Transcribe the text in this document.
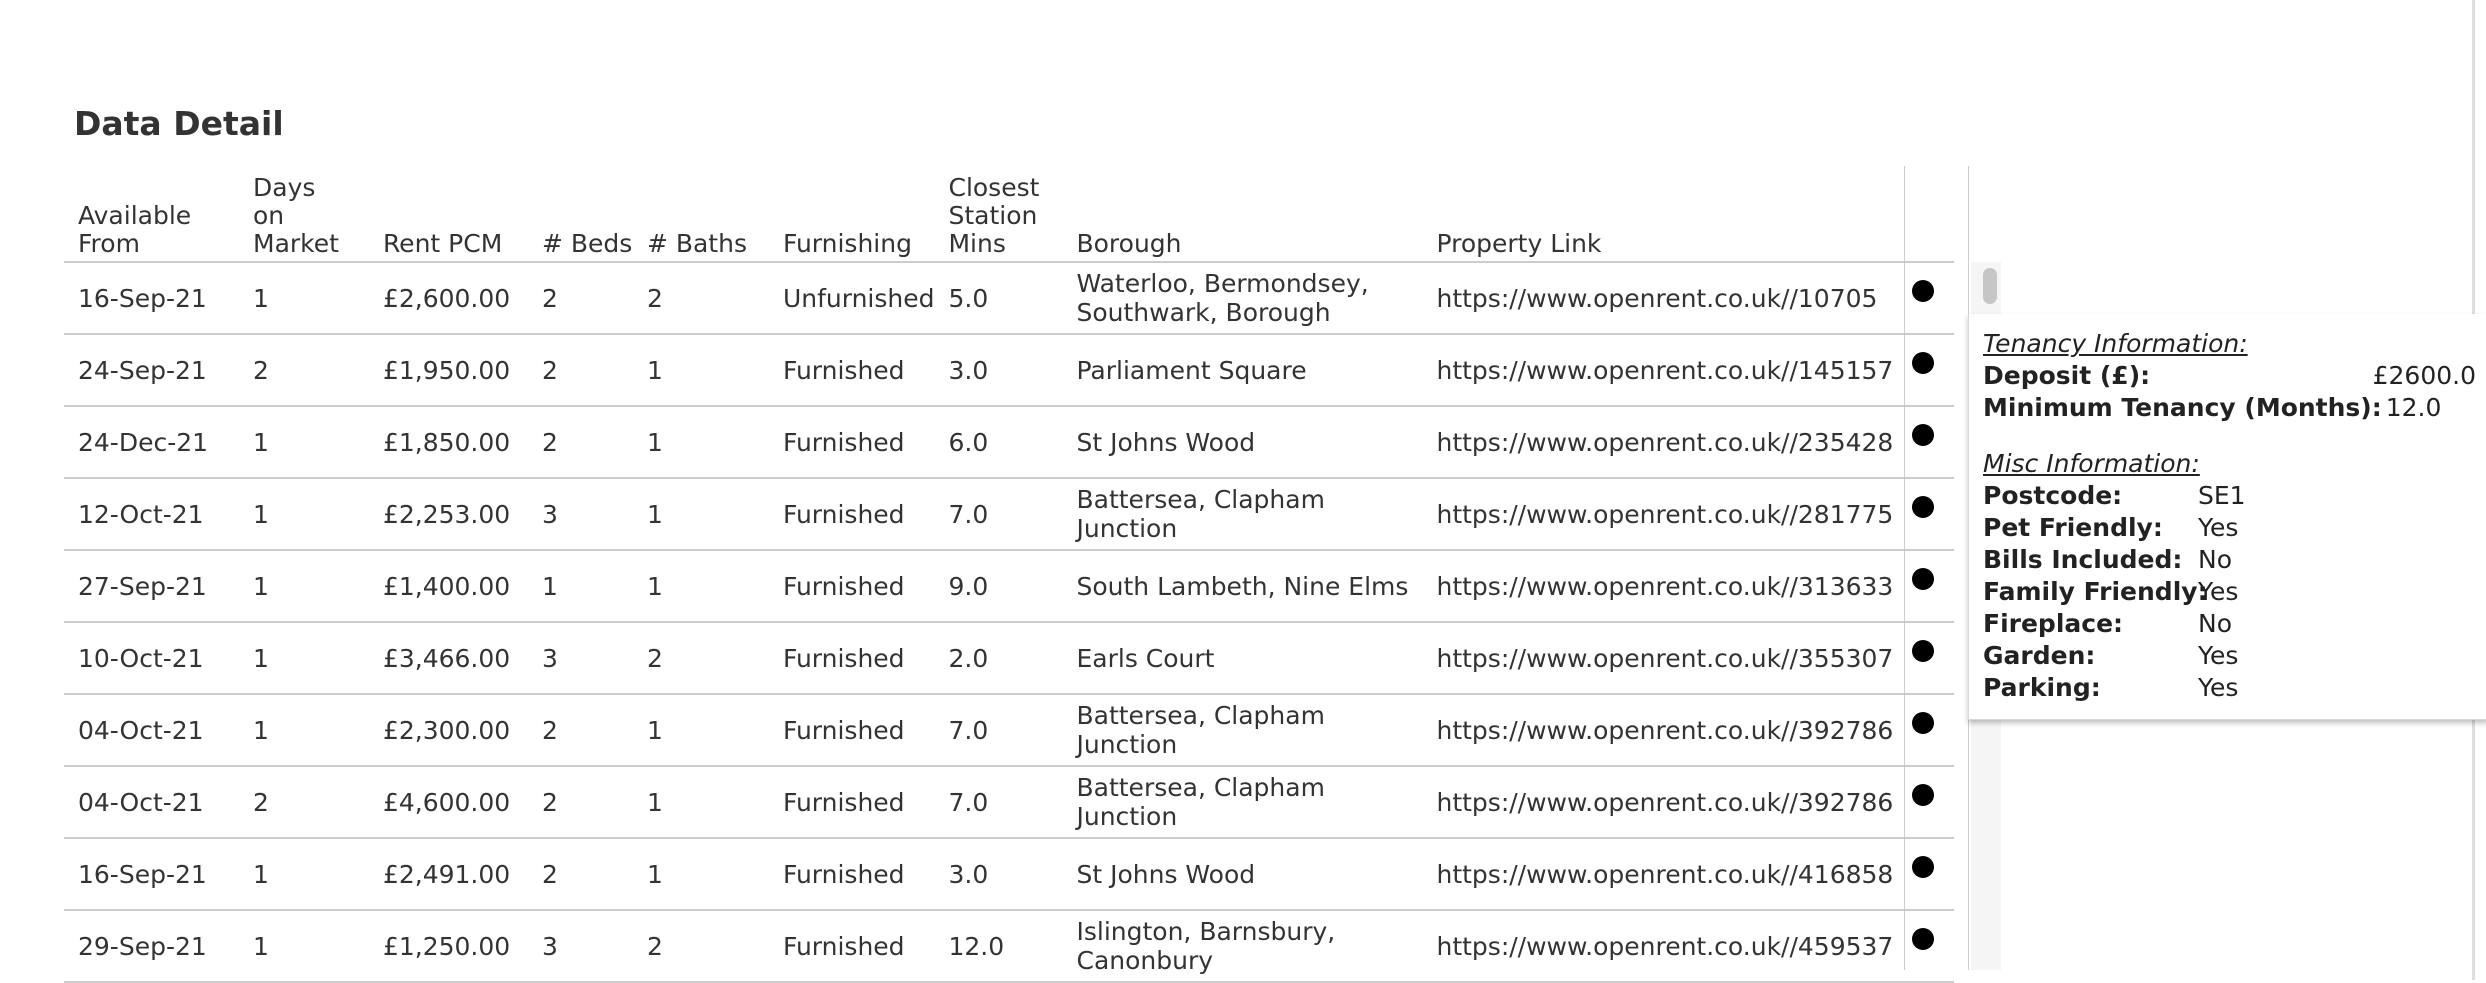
Data Detail
Available From	Days on Market	Rent PCM	# Beds	# Baths	Furnishing	Closest Station Mins	Borough	Property Link	
16-Sep-21	1	£2,600.00	2	2	Unfurnished	5.0	Waterloo, Bermondsey, Southwark, Borough	https://www.openrent.co.uk//10705	

24-Sep-21	2	£1,950.00	2	1	Furnished	3.0	Parliament Square	https://www.openrent.co.uk//145157	

24-Dec-21	1	£1,850.00	2	1	Furnished	6.0	St Johns Wood	https://www.openrent.co.uk//235428	

12-Oct-21	1	£2,253.00	3	1	Furnished	7.0	Battersea, Clapham Junction	https://www.openrent.co.uk//281775	

27-Sep-21	1	£1,400.00	1	1	Furnished	9.0	South Lambeth, Nine Elms	https://www.openrent.co.uk//313633	

10-Oct-21	1	£3,466.00	3	2	Furnished	2.0	Earls Court	https://www.openrent.co.uk//355307	

04-Oct-21	1	£2,300.00	2	1	Furnished	7.0	Battersea, Clapham Junction	https://www.openrent.co.uk//392786	

04-Oct-21	2	£4,600.00	2	1	Furnished	7.0	Battersea, Clapham Junction	https://www.openrent.co.uk//392786	

16-Sep-21	1	£2,491.00	2	1	Furnished	3.0	St Johns Wood	https://www.openrent.co.uk//416858	

29-Sep-21	1	£1,250.00	3	2	Furnished	12.0	Islington, Barnsbury, Canonbury	https://www.openrent.co.uk//459537	
Tenancy Information:
Deposit (£):	£2600.0
Minimum Tenancy (Months): 12.0
Misc Information:
Postcode:	SE1
Pet Friendly:	Yes
Bills Included: No
Family Friendly:
Yes
Fireplace:	No
Garden:	Yes
Parking:	Yes
